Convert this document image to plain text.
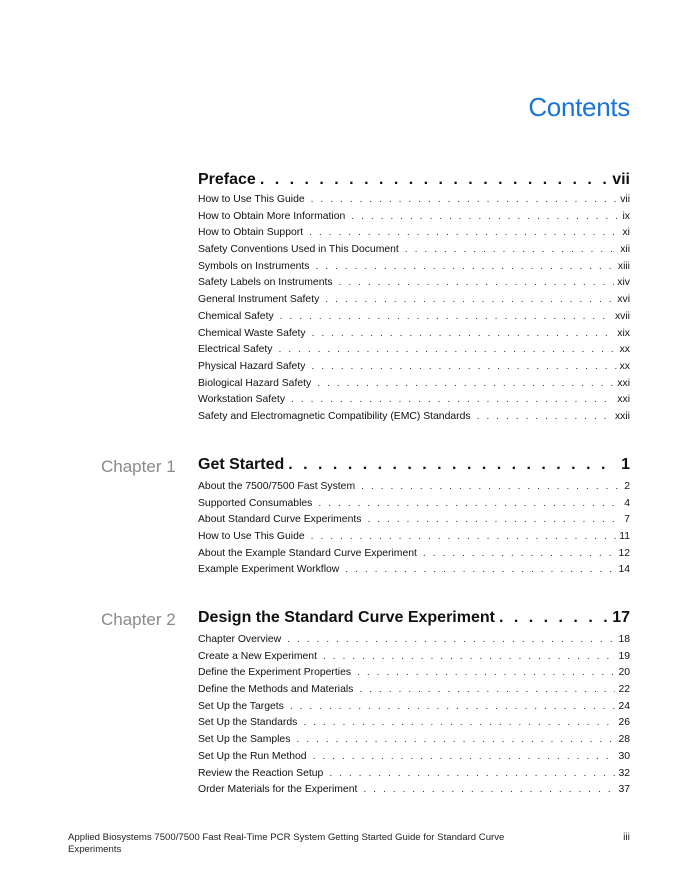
Contents
Preface . . .	vii
How to Use This Guide . . .	vii
How to Obtain More Information . . .	ix
How to Obtain Support . . .	xi
Safety Conventions Used in This Document . . .	xii
Symbols on Instruments . . .	xiii
Safety Labels on Instruments . . .	xiv
General Instrument Safety . . .	xvi
Chemical Safety . . .	xvii
Chemical Waste Safety . . .	xix
Electrical Safety . . .	xx
Physical Hazard Safety . . .	xx
Biological Hazard Safety . . .	xxi
Workstation Safety . . .	xxi
Safety and Electromagnetic Compatibility (EMC) Standards . . .	xxii
Chapter 1 Get Started . . .	1
About the 7500/7500 Fast System . . .	2
Supported Consumables . . .	4
About Standard Curve Experiments . . .	7
How to Use This Guide . . .	11
About the Example Standard Curve Experiment . . .	12
Example Experiment Workflow . . .	14
Chapter 2 Design the Standard Curve Experiment . . .	17
Chapter Overview . . .	18
Create a New Experiment . . .	19
Define the Experiment Properties . . .	20
Define the Methods and Materials . . .	22
Set Up the Targets . . .	24
Set Up the Standards . . .	26
Set Up the Samples . . .	28
Set Up the Run Method . . .	30
Review the Reaction Setup . . .	32
Order Materials for the Experiment . . .	37
Applied Biosystems 7500/7500 Fast Real-Time PCR System Getting Started Guide for Standard Curve Experiments
iii
